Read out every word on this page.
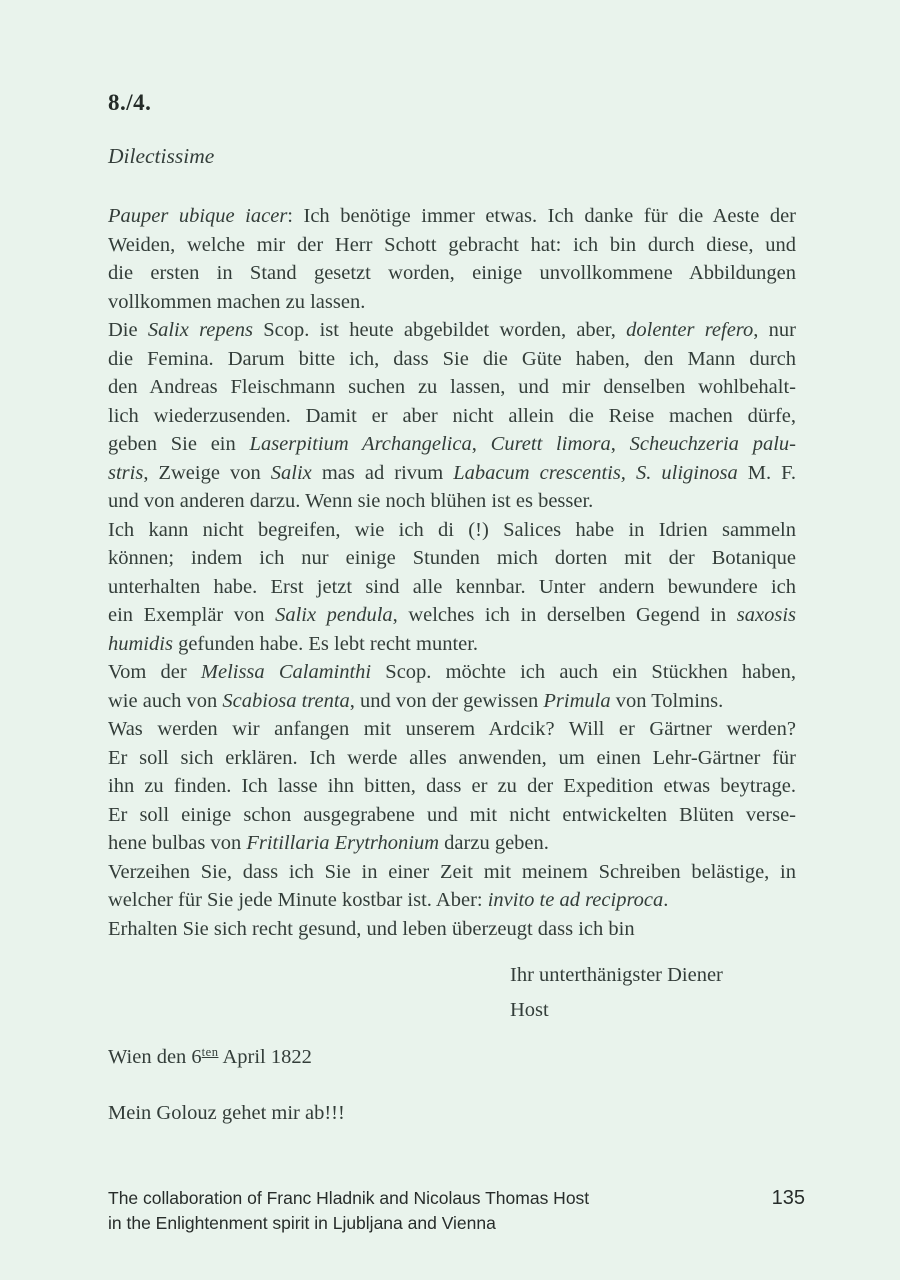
8./4.
Dilectissime
Pauper ubique iacer: Ich benötige immer etwas. Ich danke für die Aeste der
Weiden, welche mir der Herr Schott gebracht hat: ich bin durch diese, und
die ersten in Stand gesetzt worden, einige unvollkommene Abbildungen
vollkommen machen zu lassen.
Die Salix repens Scop. ist heute abgebildet worden, aber, dolenter refero, nur
die Femina. Darum bitte ich, dass Sie die Güte haben, den Mann durch
den Andreas Fleischmann suchen zu lassen, und mir denselben wohlbehalt-
lich wiederzusenden. Damit er aber nicht allein die Reise machen dürfe,
geben Sie ein Laserpitium Archangelica, Curett limora, Scheuchzeria palu-
stris, Zweige von Salix mas ad rivum Labacum crescentis, S. uliginosa M. F.
und von anderen darzu. Wenn sie noch blühen ist es besser.
Ich kann nicht begreifen, wie ich di (!) Salices habe in Idrien sammeln
können; indem ich nur einige Stunden mich dorten mit der Botanique
unterhalten habe. Erst jetzt sind alle kennbar. Unter andern bewundere ich
ein Exemplär von Salix pendula, welches ich in derselben Gegend in saxosis
humidis gefunden habe. Es lebt recht munter.
Vom der Melissa Calaminthi Scop. möchte ich auch ein Stückhen haben,
wie auch von Scabiosa trenta, und von der gewissen Primula von Tolmins.
Was werden wir anfangen mit unserem Ardcik? Will er Gärtner werden?
Er soll sich erklären. Ich werde alles anwenden, um einen Lehr-Gärtner für
ihn zu finden. Ich lasse ihn bitten, dass er zu der Expedition etwas beytrage.
Er soll einige schon ausgegrabene und mit nicht entwickelten Blüten verse-
hene bulbas von Fritillaria Erytrhonium darzu geben.
Verzeihen Sie, dass ich Sie in einer Zeit mit meinem Schreiben belästige, in
welcher für Sie jede Minute kostbar ist. Aber: invito te ad reciproca.
Erhalten Sie sich recht gesund, und leben überzeugt dass ich bin
Ihr unterthänigster Diener
Host
Wien den $6^{ten}$ April 1822
Mein Golouz gehet mir ab!!!
The collaboration of Franc Hladnik and Nicolaus Thomas Host
in the Enlightenment spirit in Ljubljana and Vienna
135
